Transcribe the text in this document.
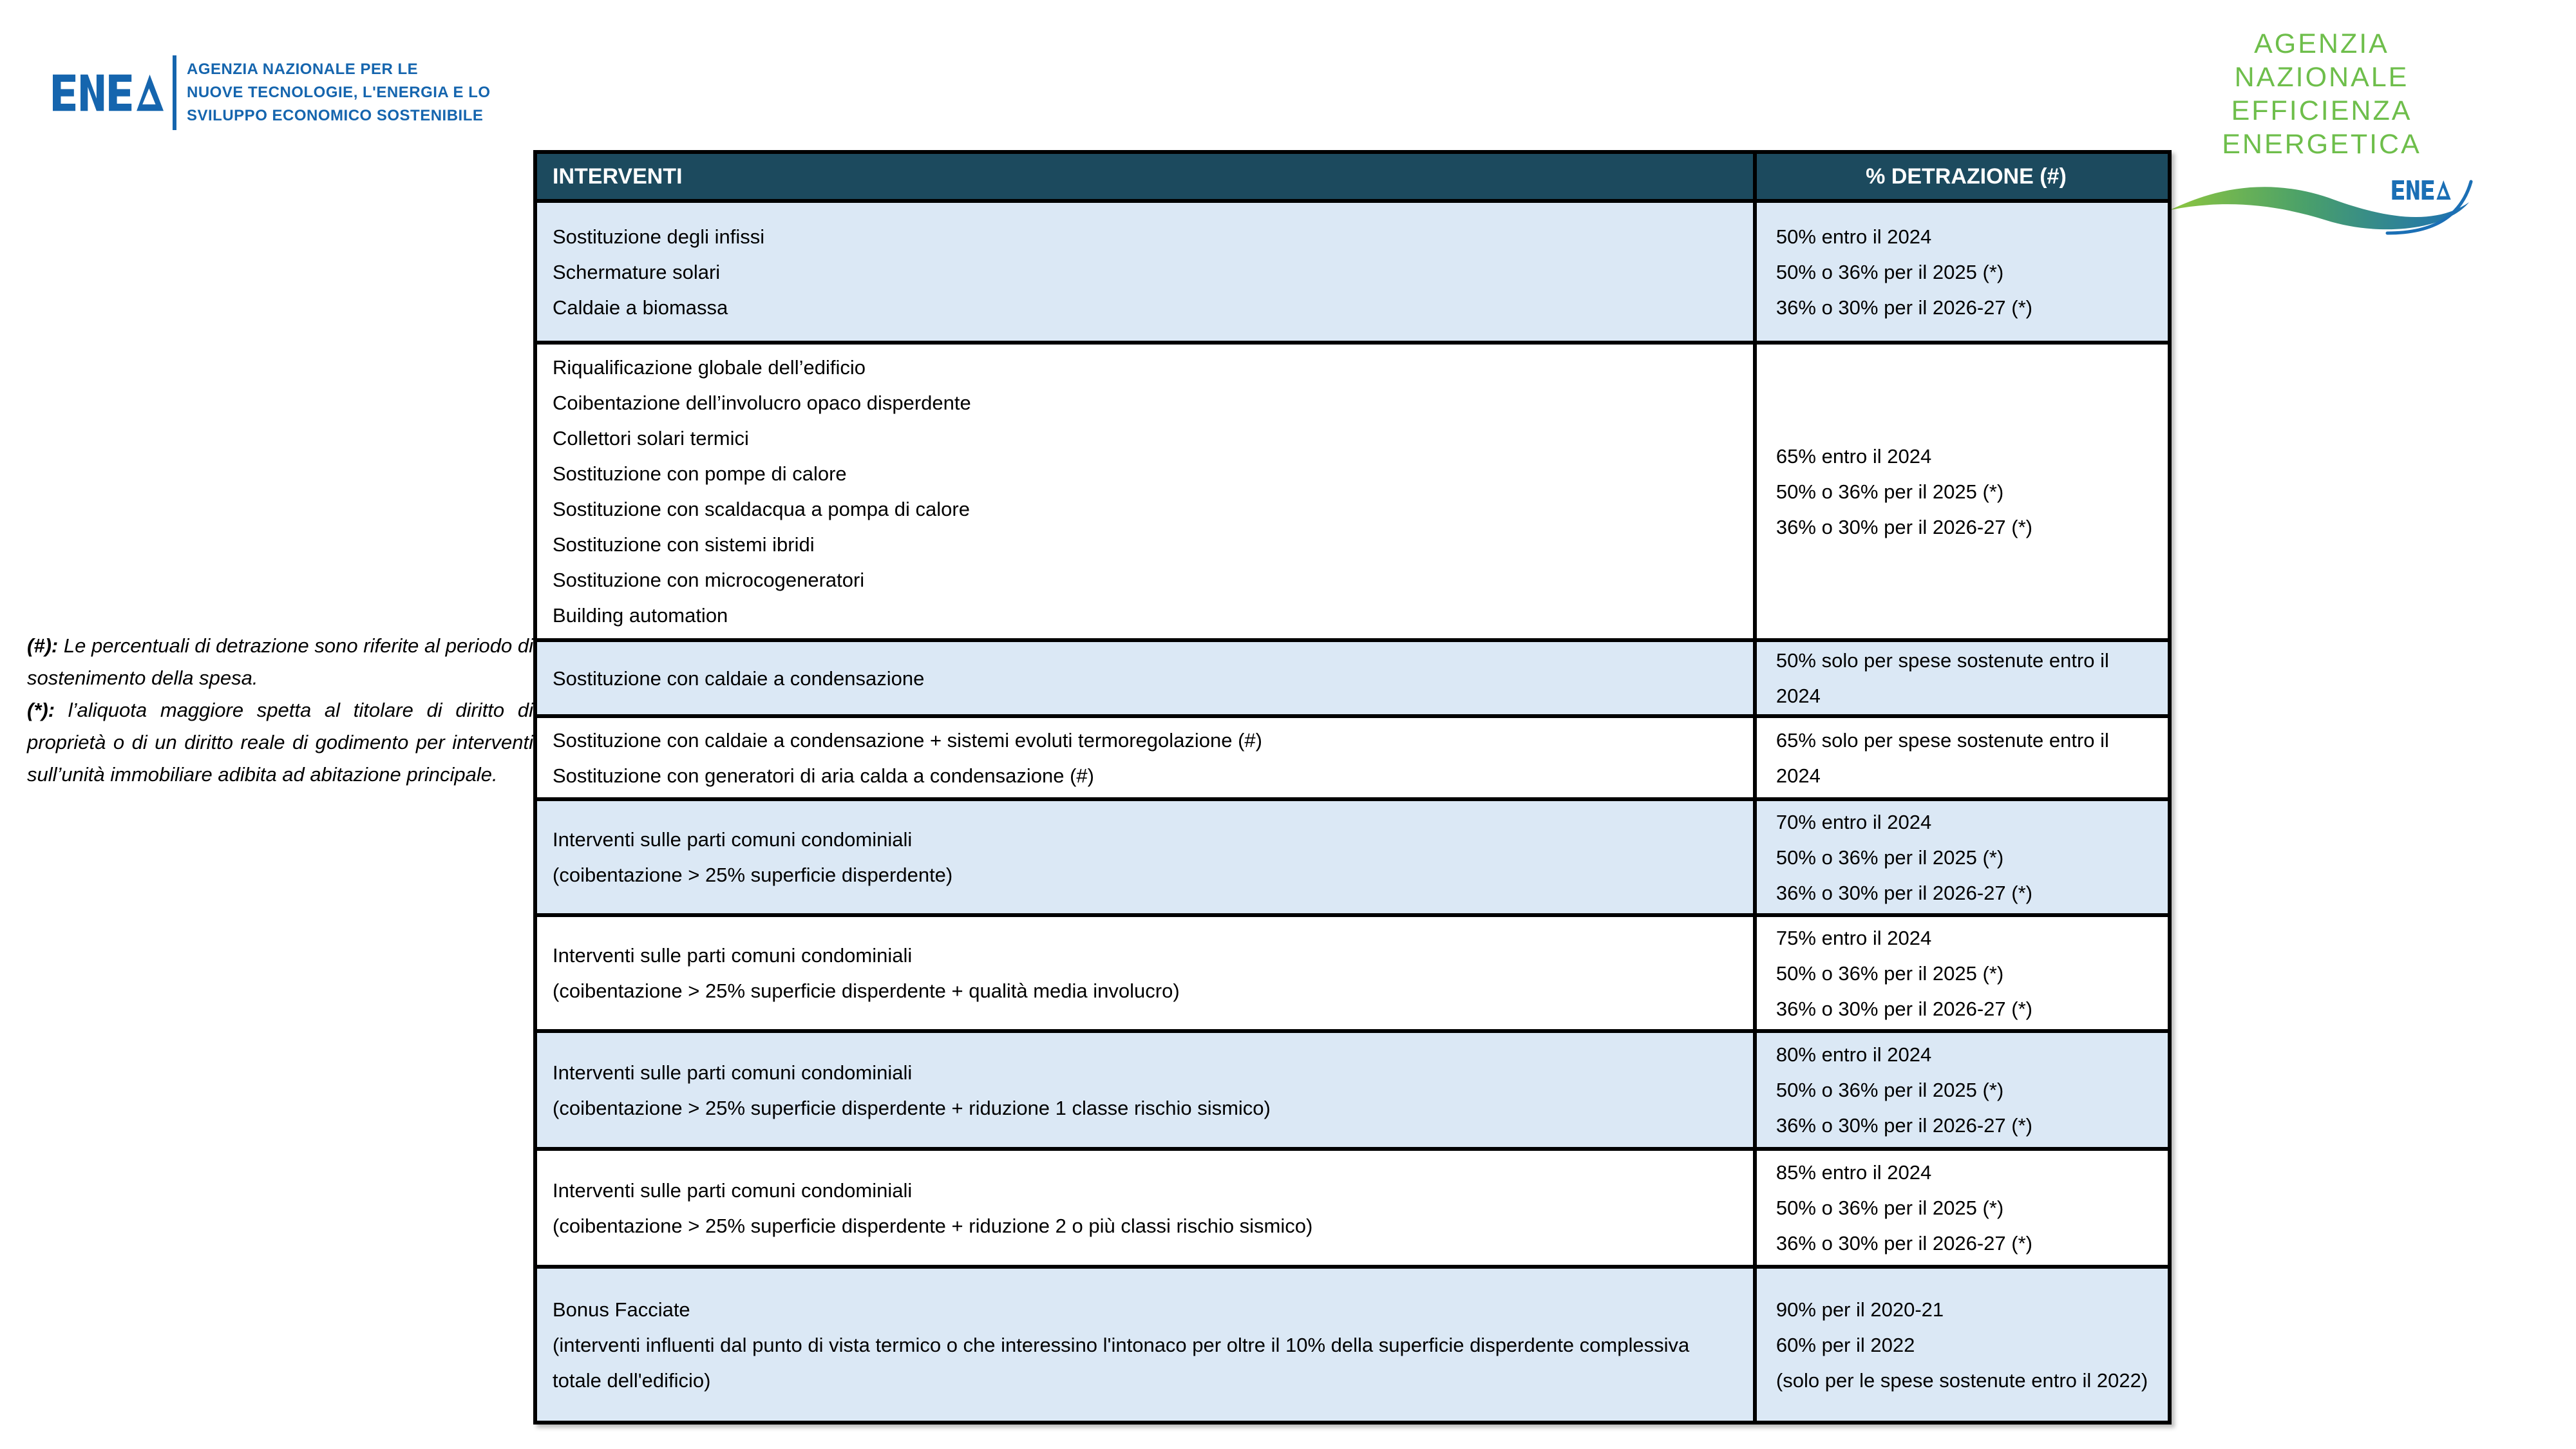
AGENZIA NAZIONALE PER LE
NUOVE TECNOLOGIE, L'ENERGIA E LO
SVILUPPO ECONOMICO SOSTENIBILE
AGENZIA NAZIONALE
EFFICIENZA ENERGETICA

(#): Le percentuali di detrazione sono riferite al periodo di sostenimento della spesa.

(*): l’aliquota maggiore spetta al titolare di diritto di proprietà o di un diritto reale di godimento per interventi sull’unità immobiliare adibita ad abitazione principale.

INTERVENTI	% DETRAZIONE (#)
Sostituzione degli infissi
Schermature solari
Caldaie a biomassa
50% entro il 2024
50% o 36% per il 2025 (*)
36% o 30% per il 2026-27 (*)
Riqualificazione globale dell’edificio
Coibentazione dell’involucro opaco disperdente
Collettori solari termici
Sostituzione con pompe di calore
Sostituzione con scaldacqua a pompa di calore
Sostituzione con sistemi ibridi
Sostituzione con microcogeneratori
Building automation
65% entro il 2024
50% o 36% per il 2025 (*)
36% o 30% per il 2026-27 (*)
Sostituzione con caldaie a condensazione
50% solo per spese sostenute entro il 2024
Sostituzione con caldaie a condensazione + sistemi evoluti termoregolazione (#)
Sostituzione con generatori di aria calda a condensazione (#)
65% solo per spese sostenute entro il 2024
Interventi sulle parti comuni condominiali
(coibentazione > 25% superficie disperdente)
70% entro il 2024
50% o 36% per il 2025 (*)
36% o 30% per il 2026-27 (*)
Interventi sulle parti comuni condominiali
(coibentazione > 25% superficie disperdente + qualità media involucro)
75% entro il 2024
50% o 36% per il 2025 (*)
36% o 30% per il 2026-27 (*)
Interventi sulle parti comuni condominiali
(coibentazione > 25% superficie disperdente + riduzione 1 classe rischio sismico)
80% entro il 2024
50% o 36% per il 2025 (*)
36% o 30% per il 2026-27 (*)
Interventi sulle parti comuni condominiali
(coibentazione > 25% superficie disperdente + riduzione 2 o più classi rischio sismico)
85% entro il 2024
50% o 36% per il 2025 (*)
36% o 30% per il 2026-27 (*)
Bonus Facciate
(interventi influenti dal punto di vista termico o che interessino l'intonaco per oltre il 10% della superficie disperdente complessiva totale dell'edificio)
90% per il 2020-21
60% per il 2022
(solo per le spese sostenute entro il 2022)
